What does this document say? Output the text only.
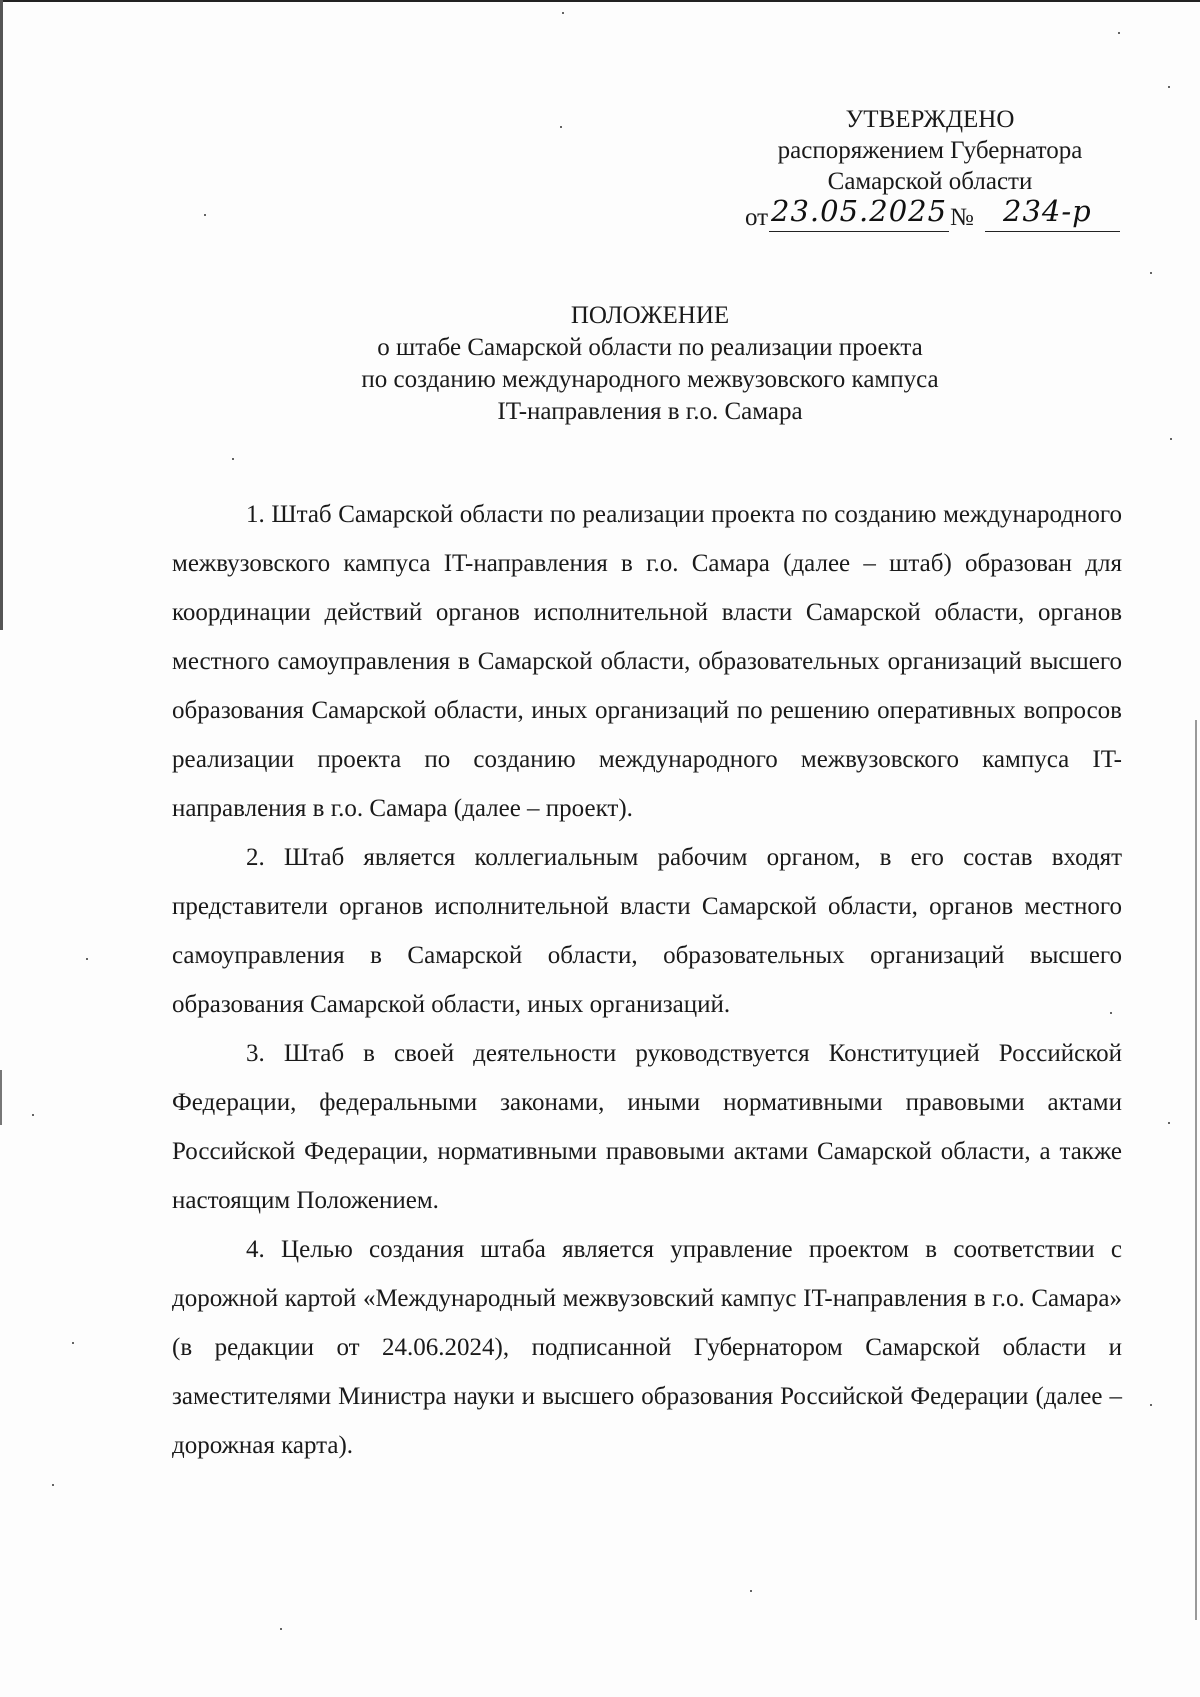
УТВЕРЖДЕНО
распоряжением Губернатора
Самарской области
от 23.05.2025 № 234-р
ПОЛОЖЕНИЕ
о штабе Самарской области по реализации проекта
по созданию международного межвузовского кампуса
IT-направления в г.о. Самара

1. Штаб Самарской области по реализации проекта по созданию международного межвузовского кампуса IT-направления в г.о. Самара (далее – штаб) образован для координации действий органов исполнительной власти Самарской области, органов местного самоуправления в Самарской области, образовательных организаций высшего образования Самарской области, иных организаций по решению оперативных вопросов реализации проекта по созданию международного межвузовского кампуса IT-направления в г.о. Самара (далее – проект).

2. Штаб является коллегиальным рабочим органом, в его состав входят представители органов исполнительной власти Самарской области, органов местного самоуправления в Самарской области, образовательных организаций высшего образования Самарской области, иных организаций.

3. Штаб в своей деятельности руководствуется Конституцией Российской Федерации, федеральными законами, иными нормативными правовыми актами Российской Федерации, нормативными правовыми актами Самарской области, а также настоящим Положением.

4. Целью создания штаба является управление проектом в соответствии с дорожной картой «Международный межвузовский кампус IT-направления в г.о. Самара» (в редакции от 24.06.2024), подписанной Губернатором Самарской области и заместителями Министра науки и высшего образования Российской Федерации (далее – дорожная карта).
